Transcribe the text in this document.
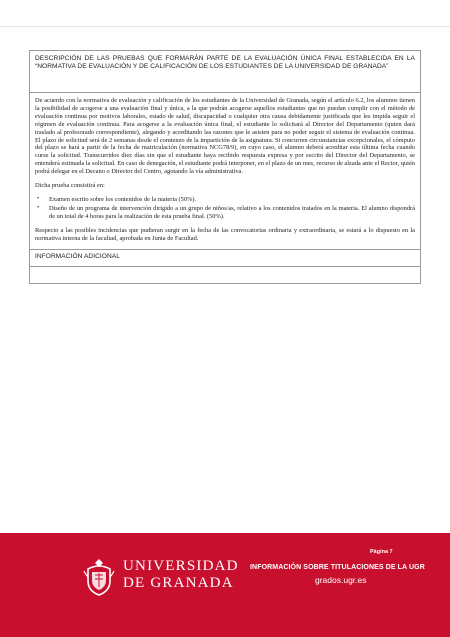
DESCRIPCIÓN DE LAS PRUEBAS QUE FORMARÁN PARTE DE LA EVALUACIÓN ÚNICA FINAL ESTABLECIDA EN LA “NORMATIVA DE EVALUACIÓN Y DE CALIFICACIÓN DE LOS ESTUDIANTES DE LA UNIVERSIDAD DE GRANADA”

De acuerdo con la normativa de evaluación y calificación de los estudiantes de la Universidad de Granada, según el artículo 6.2, los alumnos tienen la posibilidad de acogerse a una evaluación final y única, a la que podrán acogerse aquellos estudiantes que no puedan cumplir con el método de evaluación continua por motivos laborales, estado de salud, discapacidad o cualquier otra causa debidamente justificada que les impida seguir el régimen de evaluación continua. Para acogerse a la evaluación única final, el estudiante lo solicitará al Director del Departamento (quien dará traslado al profesorado correspondiente), alegando y acreditando las razones que le asisten para no poder seguir el sistema de evaluación continua. El plazo de solicitud será de 2 semanas desde el comienzo de la impartición de la asignatura. Si concurren circunstancias excepcionales, el cómputo del plazo se hará a partir de la fecha de matriculación (normativa NCG78/9), en cuyo caso, el alumno deberá acreditar esta última fecha cuando curse la solicitud. Transcurridos diez días sin que el estudiante haya recibido respuesta expresa y por escrito del Director del Departamento, se entenderá estimada la solicitud. En caso de denegación, el estudiante podrá interponer, en el plazo de un mes, recurso de alzada ante el Rector, quién podrá delegar en el Decano o Director del Centro, agotando la vía administrativa.

Dicha prueba consistirá en:

• Examen escrito sobre los contenidos de la materia (50%).
• Diseño de un programa de intervención dirigido a un grupo de niños/as, relativo a los contenidos tratados en la materia. El alumno dispondrá de un total de 4 horas para la realización de esta prueba final. (50%).

Respecto a las posibles incidencias que pudieran surgir en la fecha de las convocatorias ordinaria y extraordinaria, se estará a lo dispuesto en la normativa interna de la facultad, aprobada en Junta de Facultad.

INFORMACIÓN ADICIONAL
UNIVERSIDAD
DE GRANADA
Página 7
INFORMACIÓN SOBRE TITULACIONES DE LA UGR
grados.ugr.es
